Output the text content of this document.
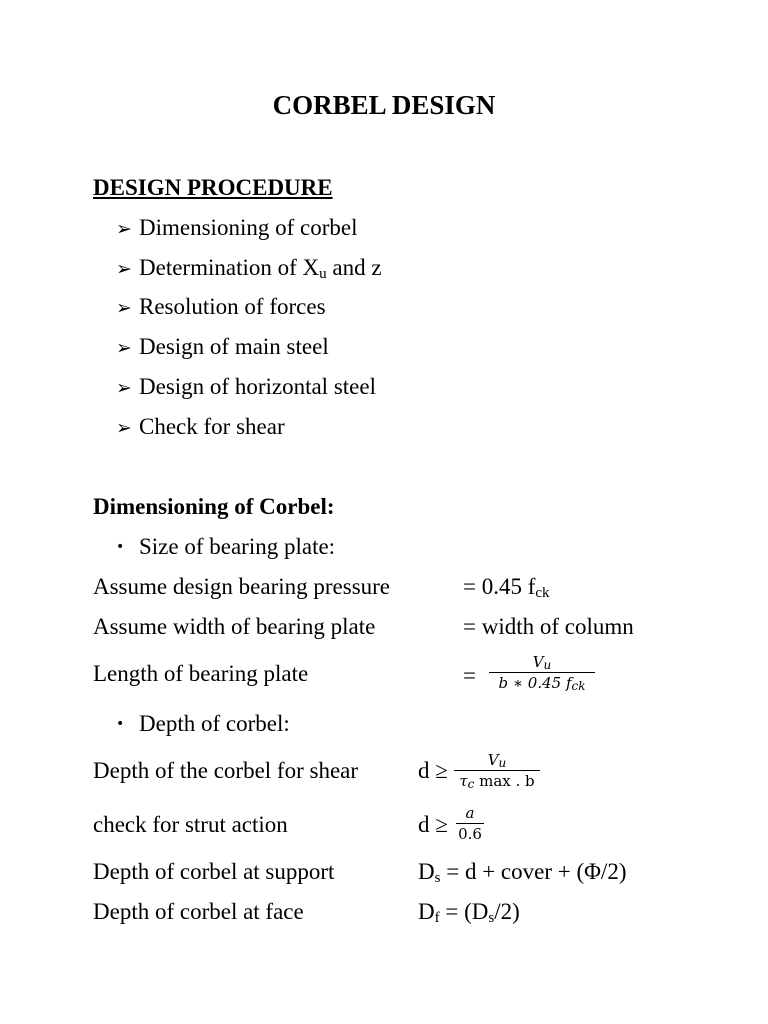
CORBEL DESIGN
DESIGN PROCEDURE
➢ Dimensioning of corbel
➢ Determination of $X_u$ and z
➢ Resolution of forces
➢ Design of main steel
➢ Design of horizontal steel
➢ Check for shear
Dimensioning of Corbel:
• Size of bearing plate:
Assume design bearing pressure	= 0.45 $f_{ck}$
Assume width of bearing plate	= width of column
Length of bearing plate	=
$V_u$
b ∗ 0.45 $f_{ck}$
• Depth of corbel:
Depth of the corbel for shear	d ≥	$V_u$
$\tau_c$ max . b
check for strut action	d ≥ a
0.6
Depth of corbel at support	$D_s = d$ + cover + (Φ/2)
Depth of corbel at face	$D_f = (D_s/2)$
